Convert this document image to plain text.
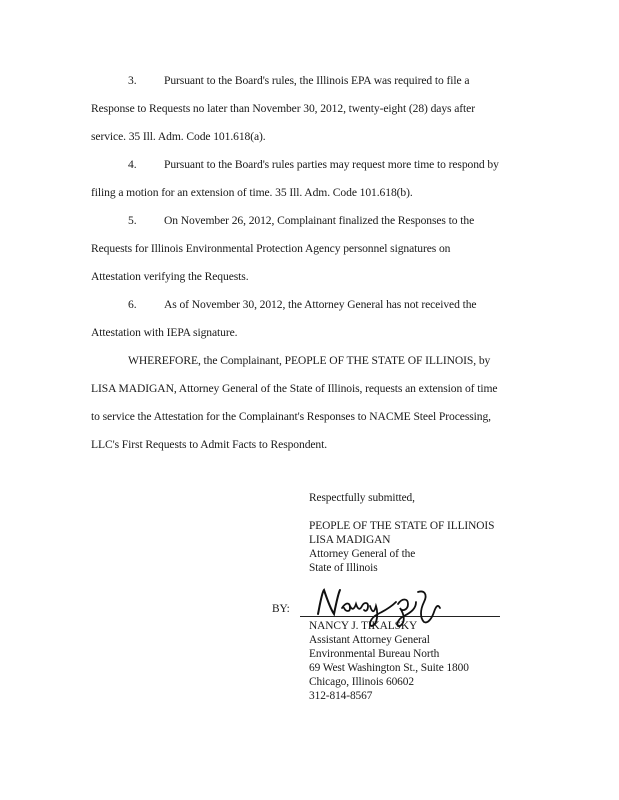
3. Pursuant to the Board's rules, the Illinois EPA was required to file a
Response to Requests no later than November 30, 2012, twenty-eight (28) days after
service. 35 Ill. Adm. Code 101.618(a).
4. Pursuant to the Board's rules parties may request more time to respond by
filing a motion for an extension of time. 35 Ill. Adm. Code 101.618(b).
5. On November 26, 2012, Complainant finalized the Responses to the
Requests for Illinois Environmental Protection Agency personnel signatures on
Attestation verifying the Requests.
6. As of November 30, 2012, the Attorney General has not received the
Attestation with IEPA signature.
WHEREFORE, the Complainant, PEOPLE OF THE STATE OF ILLINOIS, by
LISA MADIGAN, Attorney General of the State of Illinois, requests an extension of time
to service the Attestation for the Complainant's Responses to NACME Steel Processing,
LLC's First Requests to Admit Facts to Respondent.
Respectfully submitted,
PEOPLE OF THE STATE OF ILLINOIS
LISA MADIGAN
Attorney General of the
State of Illinois
BY:
NANCY J. TIKALSKY
Assistant Attorney General
Environmental Bureau North
69 West Washington St., Suite 1800
Chicago, Illinois 60602
312-814-8567
